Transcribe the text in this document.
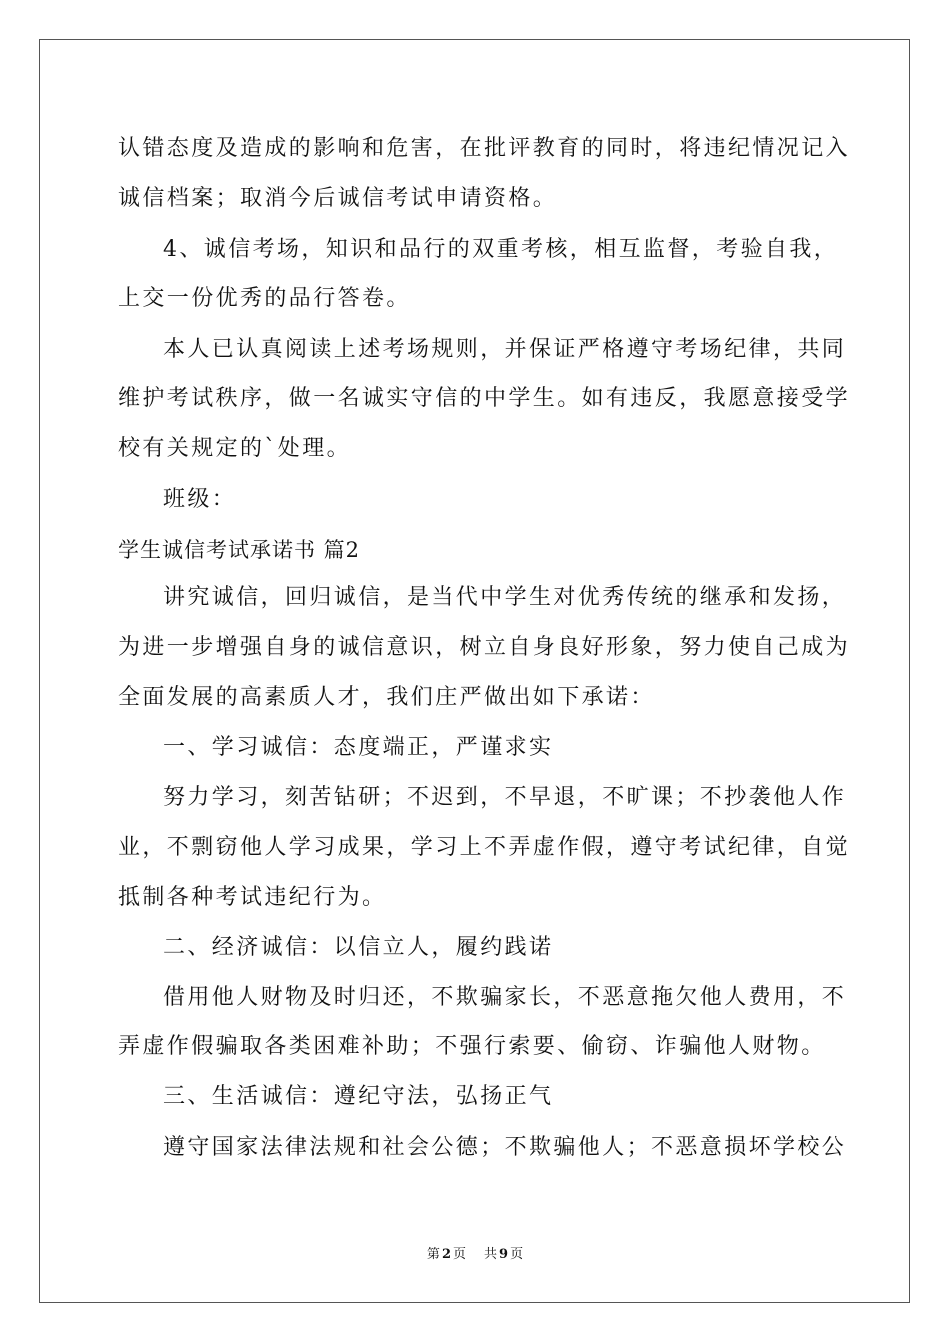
认错态度及造成的影响和危害，在批评教育的同时，将违纪情况记入
诚信档案；取消今后诚信考试申请资格。
4、诚信考场，知识和品行的双重考核，相互监督，考验自我，
上交一份优秀的品行答卷。
本人已认真阅读上述考场规则，并保证严格遵守考场纪律，共同
维护考试秩序，做一名诚实守信的中学生。如有违反，我愿意接受学
校有关规定的`处理。
班级：
学生诚信考试承诺书 篇2
讲究诚信，回归诚信，是当代中学生对优秀传统的继承和发扬，
为进一步增强自身的诚信意识，树立自身良好形象，努力使自己成为
全面发展的高素质人才，我们庄严做出如下承诺：
一、学习诚信：态度端正，严谨求实
努力学习，刻苦钻研；不迟到，不早退，不旷课；不抄袭他人作
业，不剽窃他人学习成果，学习上不弄虚作假，遵守考试纪律，自觉
抵制各种考试违纪行为。
二、经济诚信：以信立人，履约践诺
借用他人财物及时归还，不欺骗家长，不恶意拖欠他人费用，不
弄虚作假骗取各类困难补助；不强行索要、偷窃、诈骗他人财物。
三、生活诚信：遵纪守法，弘扬正气
遵守国家法律法规和社会公德；不欺骗他人；不恶意损坏学校公
第 2 页 共 9 页
